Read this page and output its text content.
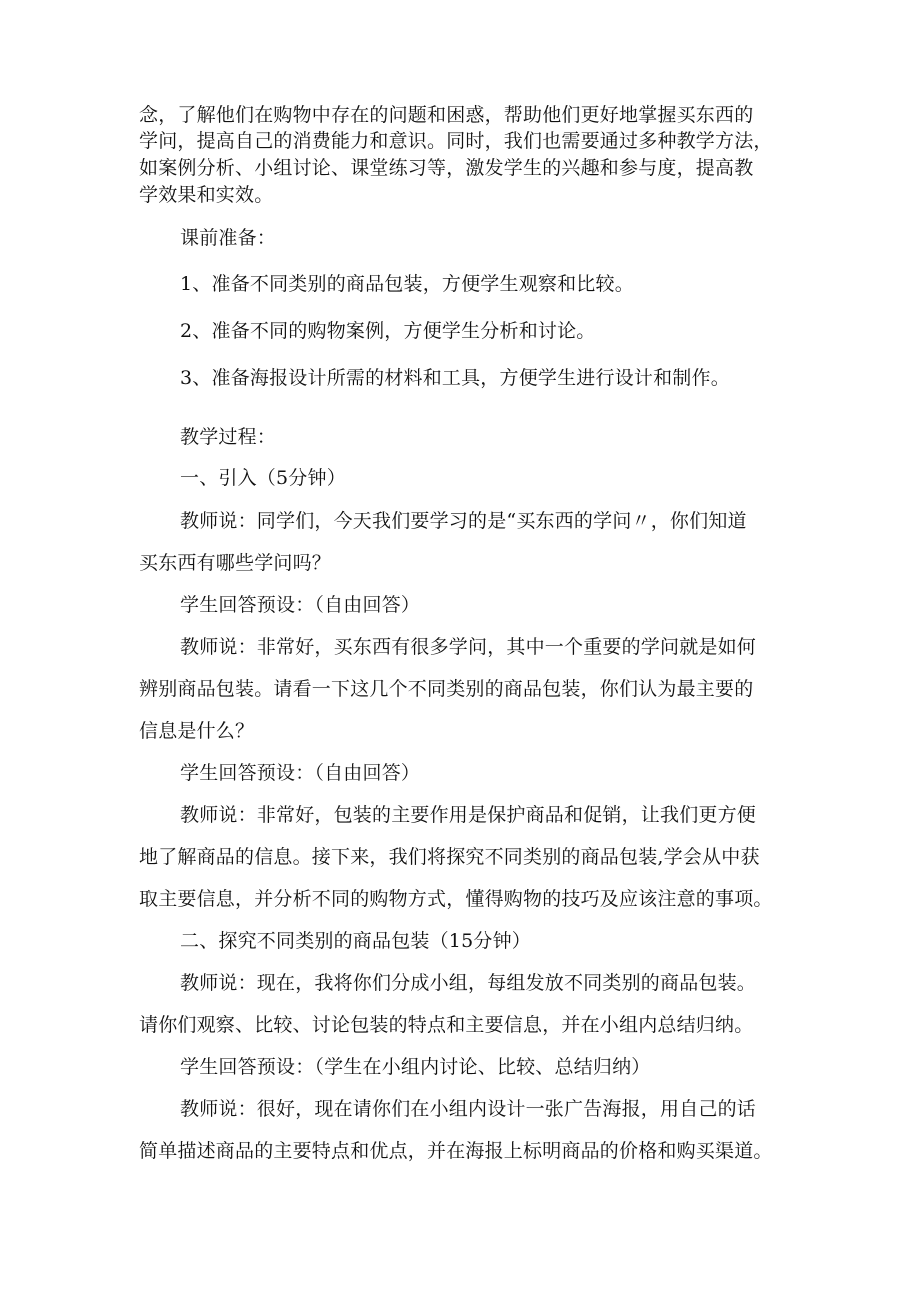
念，了解他们在购物中存在的问题和困惑，帮助他们更好地掌握买东西的
学问，提高自己的消费能力和意识。同时，我们也需要通过多种教学方法，
如案例分析、小组讨论、课堂练习等，激发学生的兴趣和参与度，提高教
学效果和实效。
课前准备：
1、准备不同类别的商品包装，方便学生观察和比较。
2、准备不同的购物案例，方便学生分析和讨论。
3、准备海报设计所需的材料和工具，方便学生进行设计和制作。
教学过程：
一、引入（5分钟）
教师说：同学们，今天我们要学习的是“买东西的学问〃，你们知道
买东西有哪些学问吗？
学生回答预设：（自由回答）
教师说：非常好，买东西有很多学问，其中一个重要的学问就是如何
辨别商品包装。请看一下这几个不同类别的商品包装，你们认为最主要的
信息是什么？
学生回答预设：（自由回答）
教师说：非常好，包装的主要作用是保护商品和促销，让我们更方便
地了解商品的信息。接下来，我们将探究不同类别的商品包装,学会从中获
取主要信息，并分析不同的购物方式，懂得购物的技巧及应该注意的事项。
二、探究不同类别的商品包装（15分钟）
教师说：现在，我将你们分成小组，每组发放不同类别的商品包装。
请你们观察、比较、讨论包装的特点和主要信息，并在小组内总结归纳。
学生回答预设：（学生在小组内讨论、比较、总结归纳）
教师说：很好，现在请你们在小组内设计一张广告海报，用自己的话
简单描述商品的主要特点和优点，并在海报上标明商品的价格和购买渠道。
